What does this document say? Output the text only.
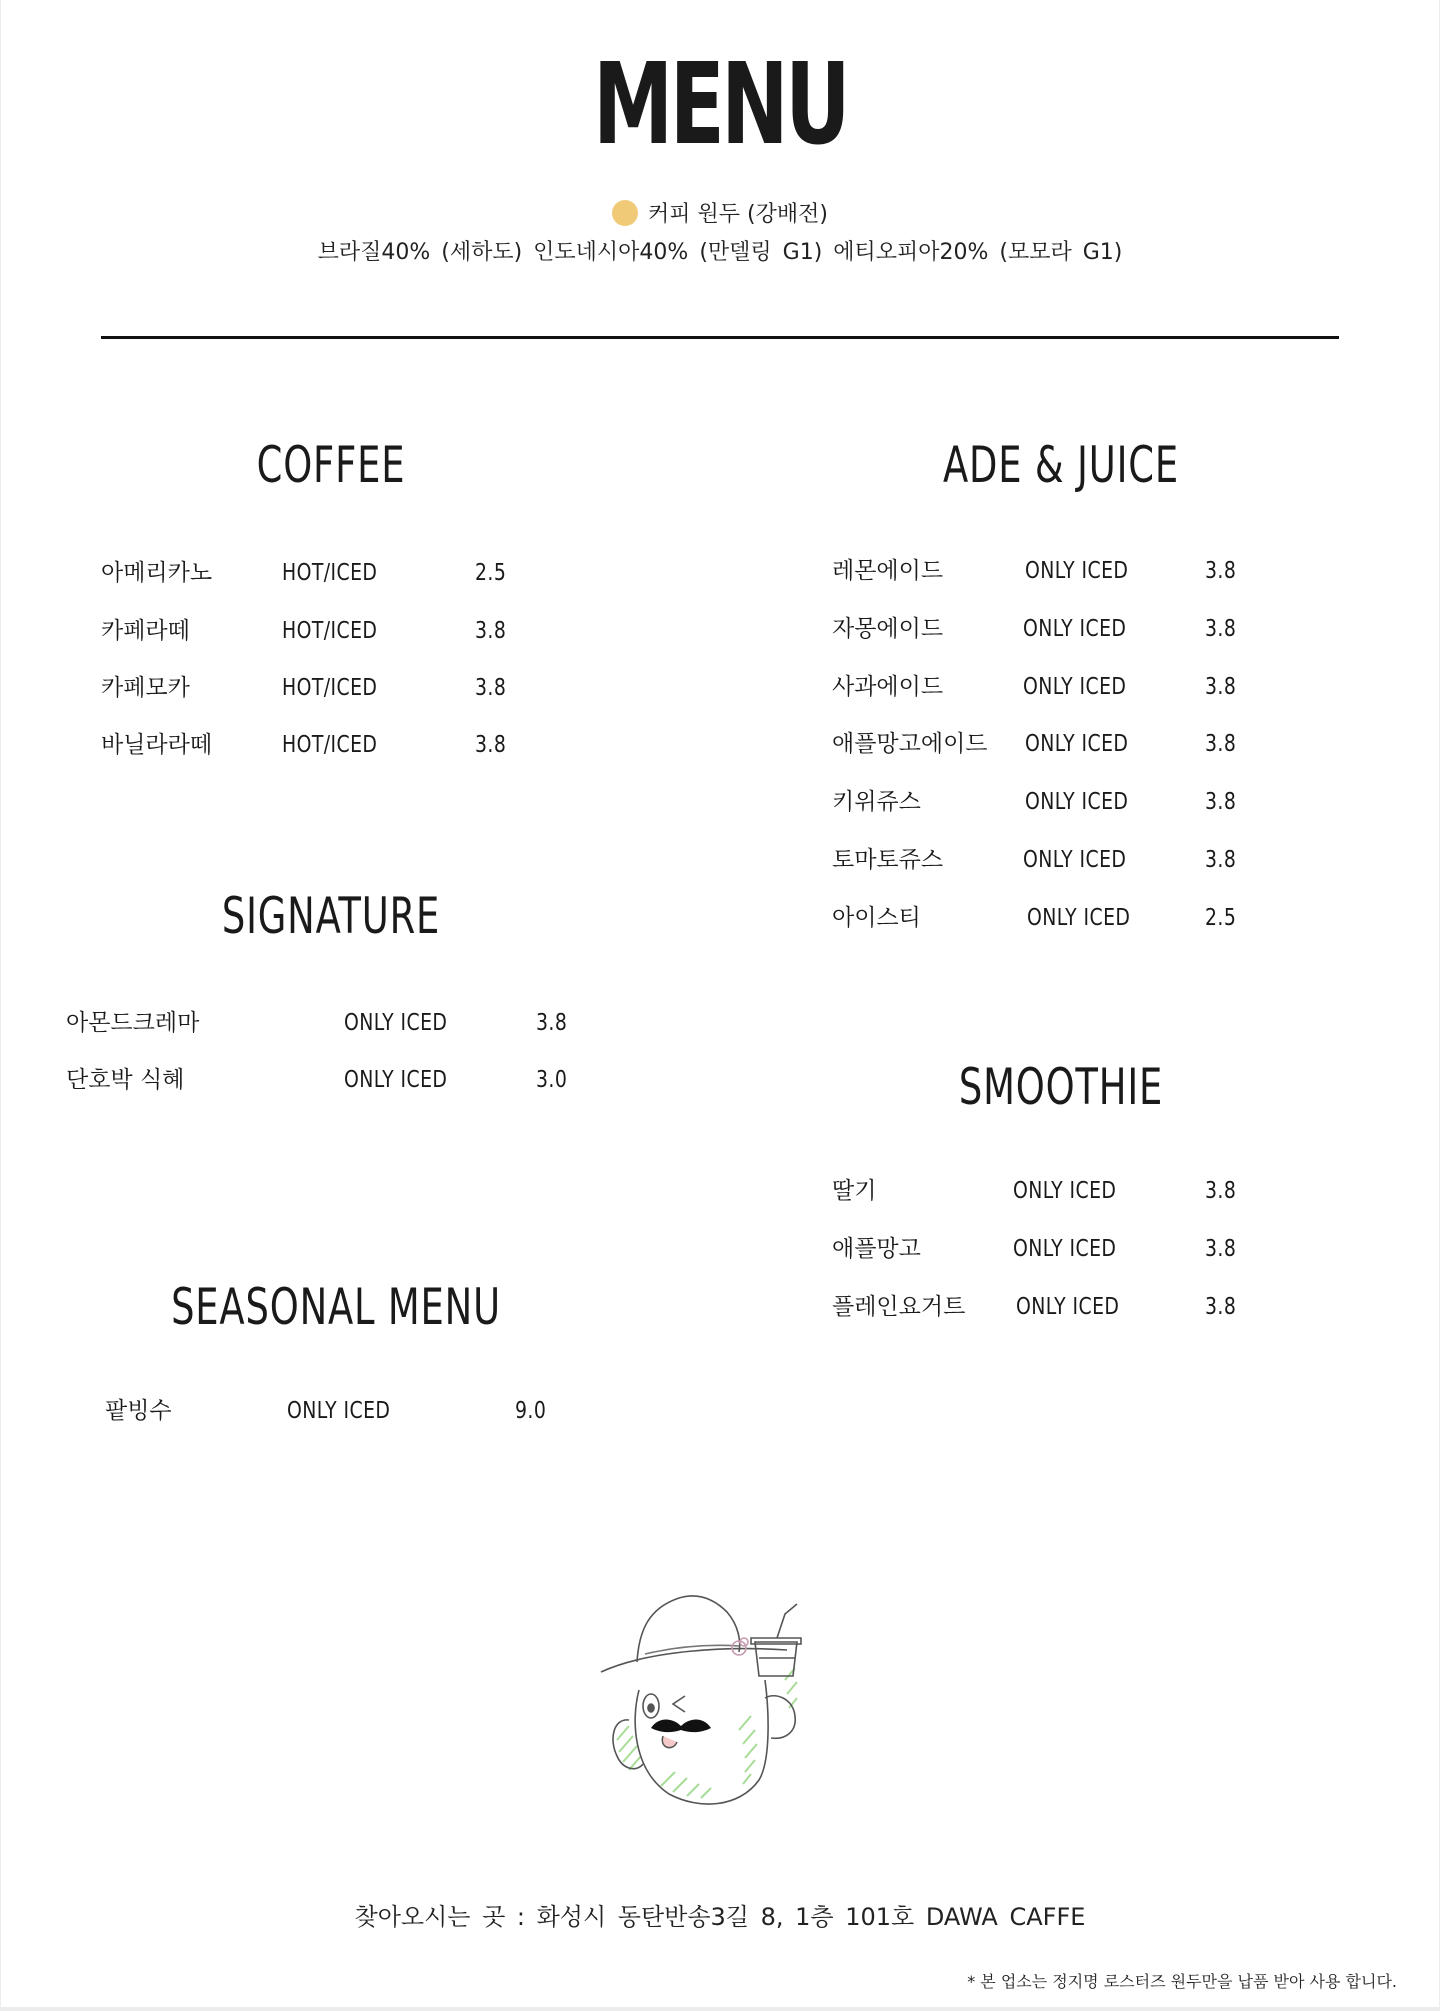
MENU
커피 원두 (강배전)
브라질40% (세하도) 인도네시아40% (만델링 G1) 에티오피아20% (모모라 G1)
COFFEE
아메리카노	HOT/ICED	2.5
카페라떼	HOT/ICED	3.8
카페모카	HOT/ICED	3.8
바닐라라떼	HOT/ICED	3.8
SIGNATURE
아몬드크레마	ONLY ICED	3.8
단호박 식혜	ONLY ICED	3.0
SEASONAL MENU
팥빙수	ONLY ICED	9.0
ADE & JUICE
레몬에이드	ONLY ICED	3.8
자몽에이드	ONLY ICED	3.8
사과에이드	ONLY ICED	3.8
애플망고에이드 ONLY ICED	3.8
키위쥬스	ONLY ICED	3.8
토마토쥬스	ONLY ICED	3.8
아이스티	ONLY ICED	2.5
SMOOTHIE
딸기	ONLY ICED	3.8
애플망고	ONLY ICED	3.8
플레인요거트 ONLY ICED	3.8
찾아오시는 곳 : 화성시 동탄반송3길 8, 1층 101호 DAWA CAFFE
* 본 업소는 정지명 로스터즈 원두만을 납품 받아 사용 합니다.
